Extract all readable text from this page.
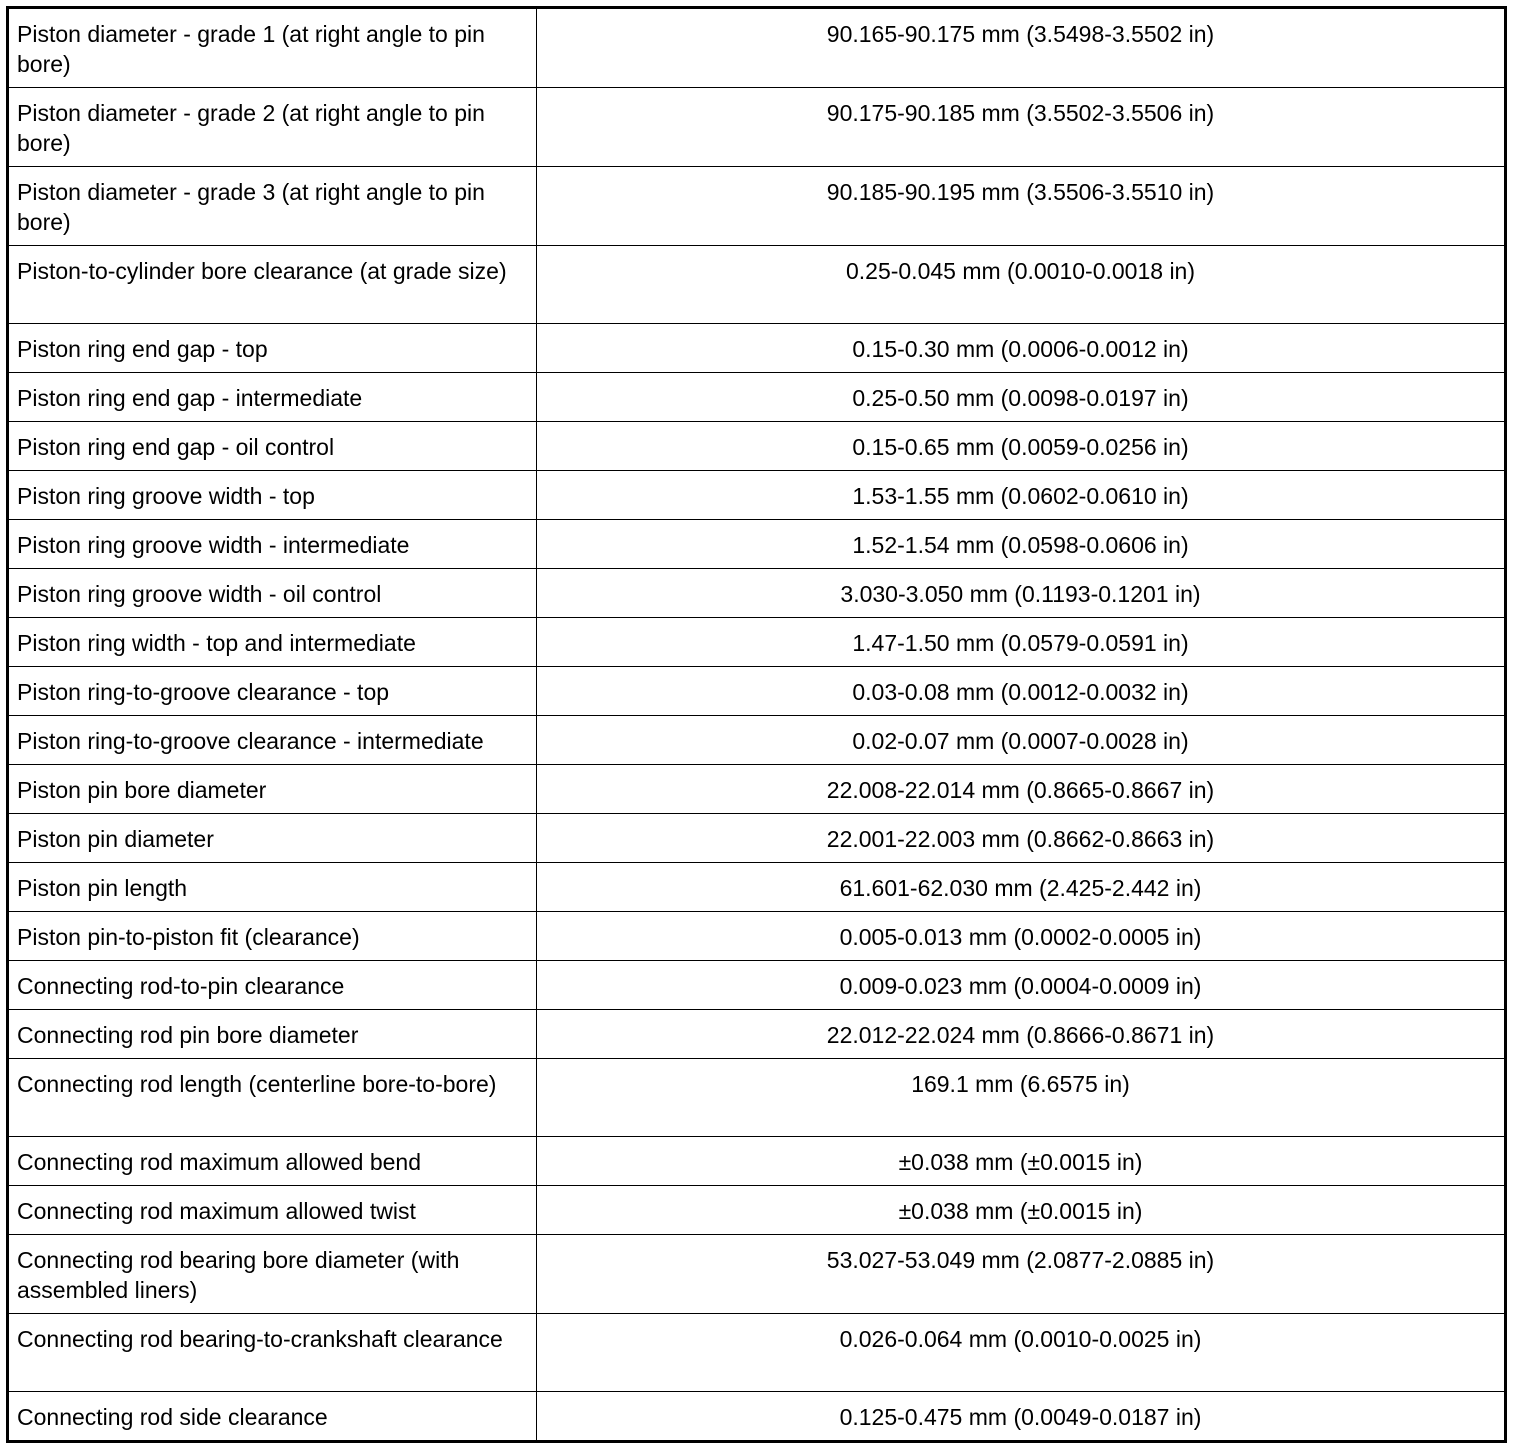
Piston diameter - grade 1 (at right angle to pin bore)	90.165-90.175 mm (3.5498-3.5502 in)
Piston diameter - grade 2 (at right angle to pin bore)	90.175-90.185 mm (3.5502-3.5506 in)
Piston diameter - grade 3 (at right angle to pin bore)	90.185-90.195 mm (3.5506-3.5510 in)
Piston-to-cylinder bore clearance (at grade size)	0.25-0.045 mm (0.0010-0.0018 in)
Piston ring end gap - top	0.15-0.30 mm (0.0006-0.0012 in)
Piston ring end gap - intermediate	0.25-0.50 mm (0.0098-0.0197 in)
Piston ring end gap - oil control	0.15-0.65 mm (0.0059-0.0256 in)
Piston ring groove width - top	1.53-1.55 mm (0.0602-0.0610 in)
Piston ring groove width - intermediate	1.52-1.54 mm (0.0598-0.0606 in)
Piston ring groove width - oil control	3.030-3.050 mm (0.1193-0.1201 in)
Piston ring width - top and intermediate	1.47-1.50 mm (0.0579-0.0591 in)
Piston ring-to-groove clearance - top	0.03-0.08 mm (0.0012-0.0032 in)
Piston ring-to-groove clearance - intermediate	0.02-0.07 mm (0.0007-0.0028 in)
Piston pin bore diameter	22.008-22.014 mm (0.8665-0.8667 in)
Piston pin diameter	22.001-22.003 mm (0.8662-0.8663 in)
Piston pin length	61.601-62.030 mm (2.425-2.442 in)
Piston pin-to-piston fit (clearance)	0.005-0.013 mm (0.0002-0.0005 in)
Connecting rod-to-pin clearance	0.009-0.023 mm (0.0004-0.0009 in)
Connecting rod pin bore diameter	22.012-22.024 mm (0.8666-0.8671 in)
Connecting rod length (centerline bore-to-bore)	169.1 mm (6.6575 in)
Connecting rod maximum allowed bend	±0.038 mm (±0.0015 in)
Connecting rod maximum allowed twist	±0.038 mm (±0.0015 in)
Connecting rod bearing bore diameter (with assembled liners)	53.027-53.049 mm (2.0877-2.0885 in)
Connecting rod bearing-to-crankshaft clearance	0.026-0.064 mm (0.0010-0.0025 in)
Connecting rod side clearance	0.125-0.475 mm (0.0049-0.0187 in)
